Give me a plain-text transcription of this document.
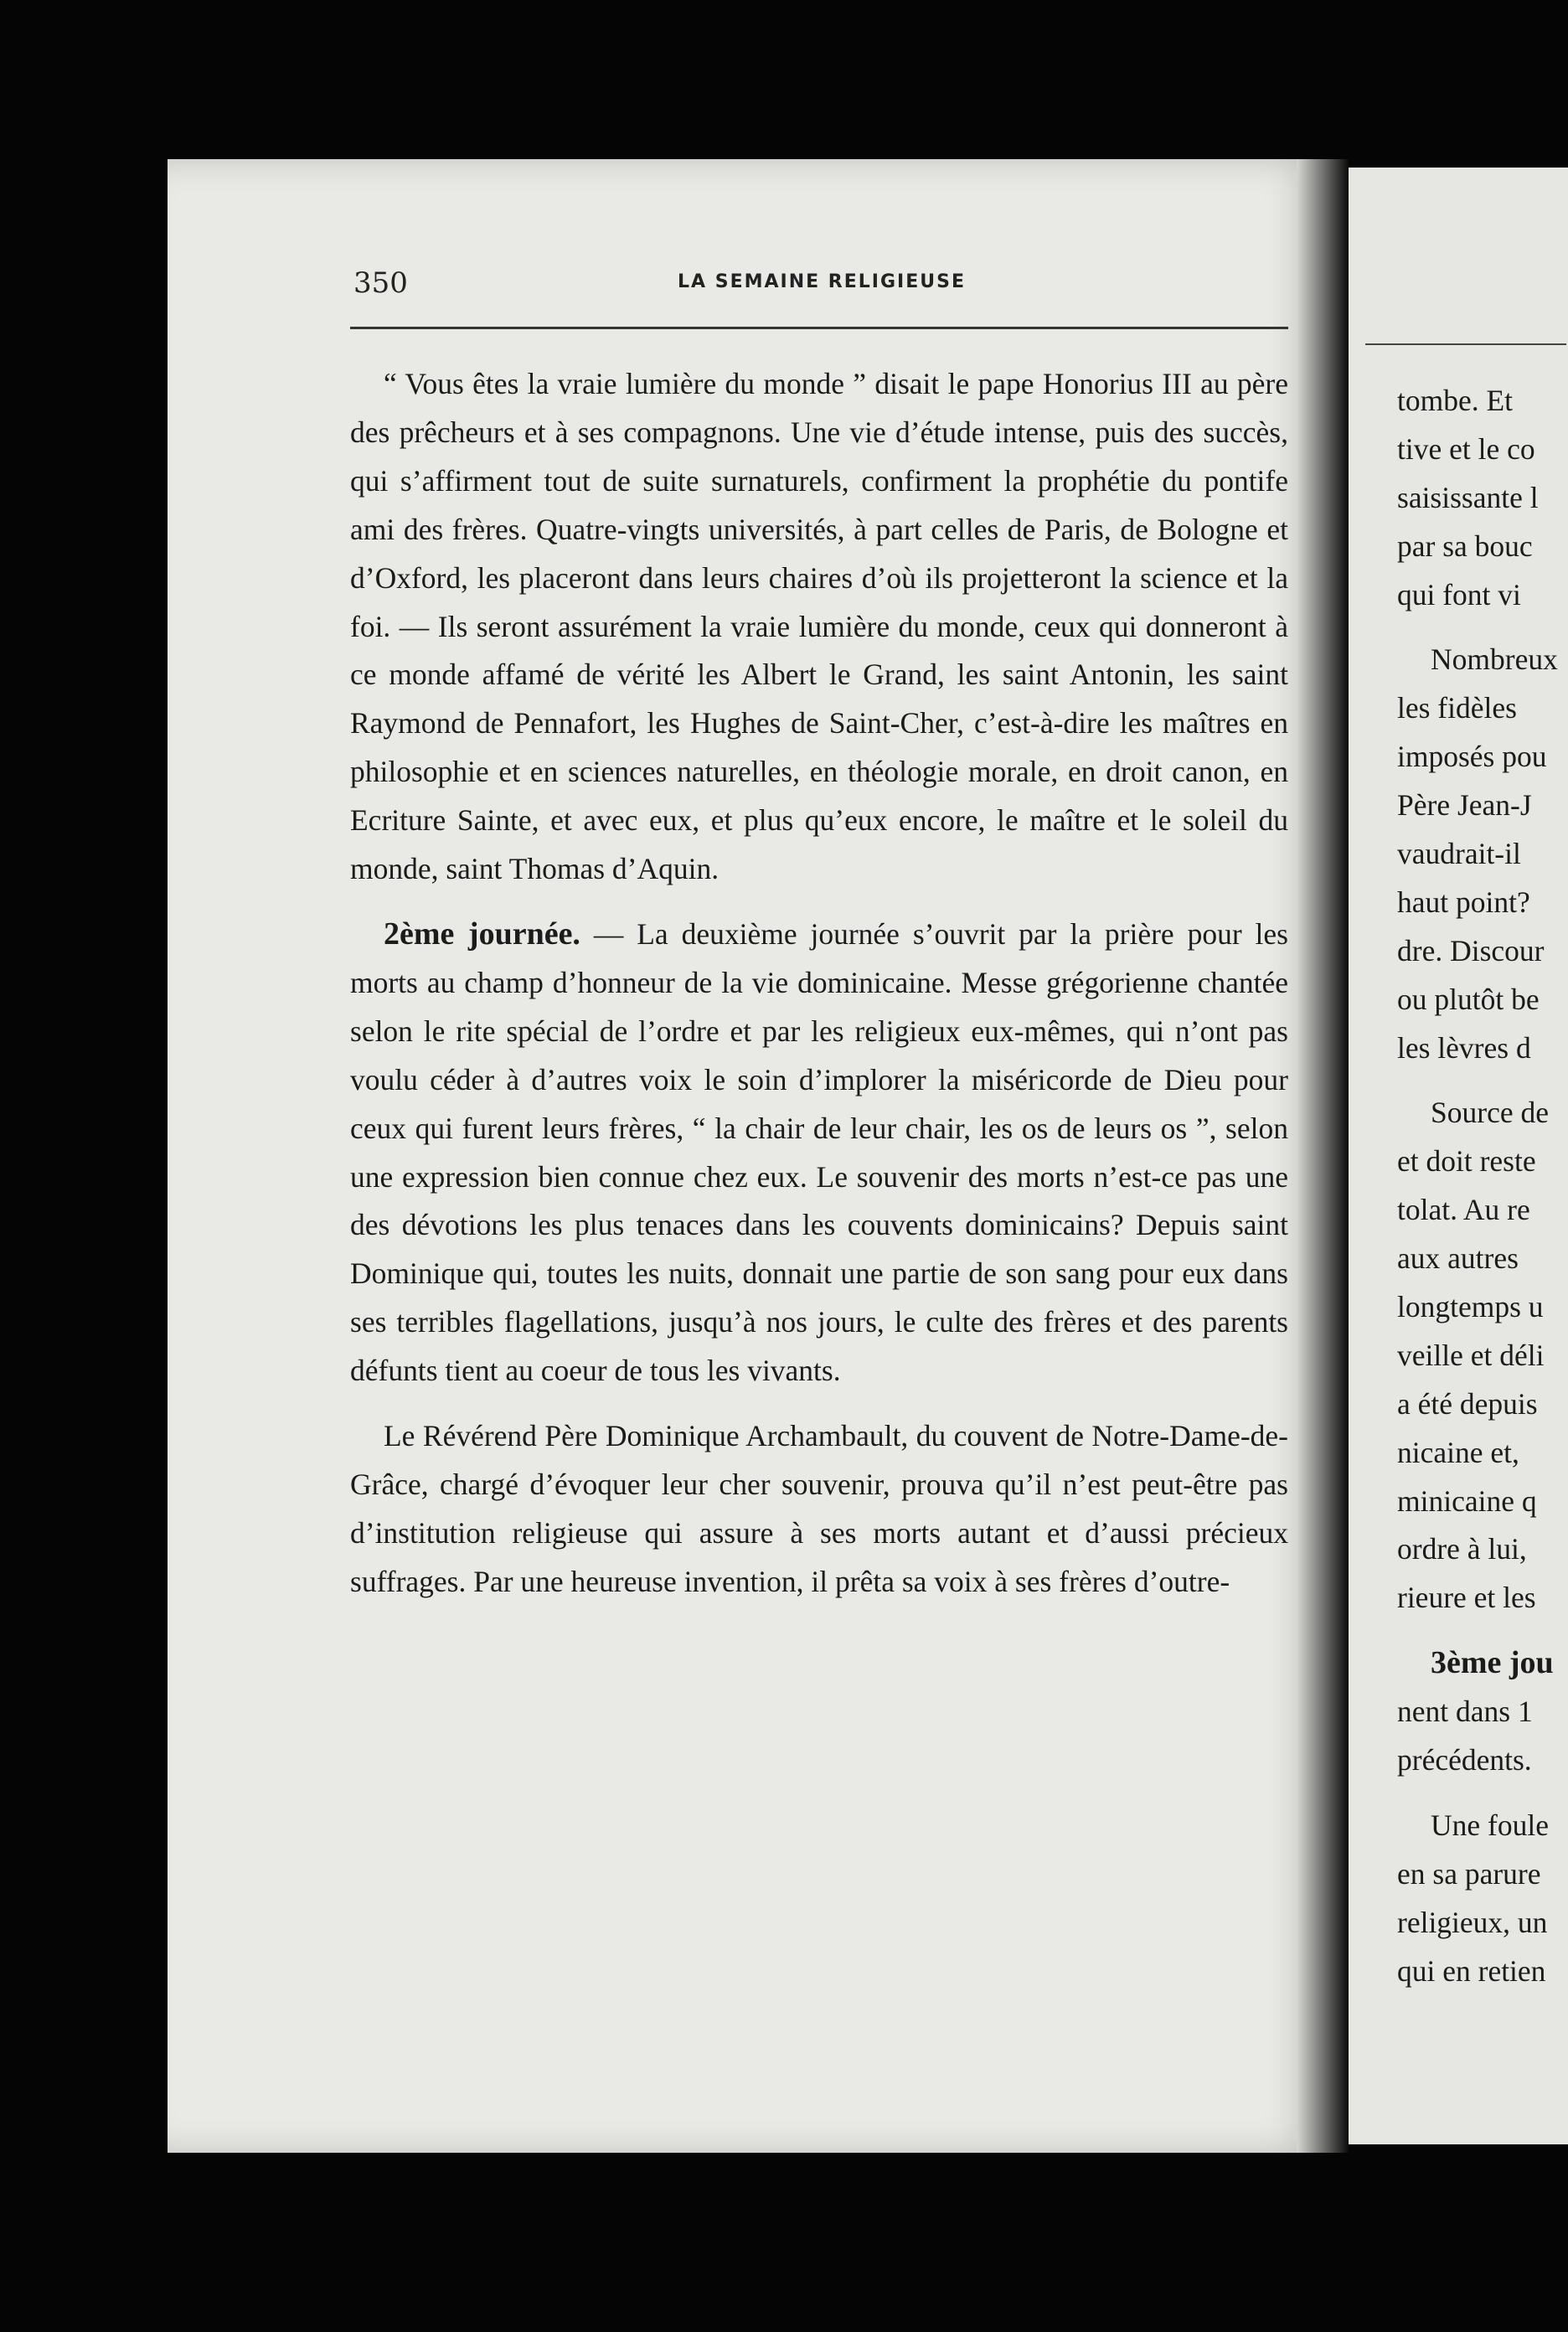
350	LA SEMAINE RELIGIEUSE

“ Vous êtes la vraie lumière du monde ” disait le pape Honorius III au père des prêcheurs et à ses compagnons. Une vie d’étude intense, puis des succès, qui s’affirment tout de suite surnaturels, confirment la prophétie du pontife ami des frères. Quatre-vingts universités, à part celles de Paris, de Bologne et d’Oxford, les placeront dans leurs chaires d’où ils projetteront la science et la foi. — Ils seront assurément la vraie lumière du monde, ceux qui donneront à ce monde affamé de vérité les Albert le Grand, les saint Antonin, les saint Raymond de Pennafort, les Hughes de Saint-Cher, c’est-à-dire les maîtres en philosophie et en sciences naturelles, en théologie morale, en droit canon, en Ecriture Sainte, et avec eux, et plus qu’eux encore, le maître et le soleil du monde, saint Thomas d’Aquin.

2ème journée. — La deuxième journée s’ouvrit par la prière pour les morts au champ d’honneur de la vie dominicaine. Messe grégorienne chantée selon le rite spécial de l’ordre et par les religieux eux-mêmes, qui n’ont pas voulu céder à d’autres voix le soin d’implorer la miséricorde de Dieu pour ceux qui furent leurs frères, “ la chair de leur chair, les os de leurs os ”, selon une expression bien connue chez eux. Le souvenir des morts n’est-ce pas une des dévotions les plus tenaces dans les couvents dominicains? Depuis saint Dominique qui, toutes les nuits, donnait une partie de son sang pour eux dans ses terribles flagellations, jusqu’à nos jours, le culte des frères et des parents défunts tient au coeur de tous les vivants.

Le Révérend Père Dominique Archambault, du couvent de Notre-Dame-de-Grâce, chargé d’évoquer leur cher souvenir, prouva qu’il n’est peut-être pas d’institution religieuse qui assure à ses morts autant et d’aussi précieux suffrages. Par une heureuse invention, il prêta sa voix à ses frères d’outre-

tombe. Et
tive et le co
saisissante l
par sa bouc
qui font vi
Nombreux
les fidèles
imposés pou
Père Jean-J
vaudrait-il
haut point?
dre. Discour
ou plutôt be
les lèvres d
Source de
et doit reste
tolat. Au re
aux autres
longtemps u
veille et déli
a été depuis
nicaine et,
minicaine q
ordre à lui,
rieure et les
3ème jou
nent dans 1
précédents.
Une foule
en sa parure
religieux, un
qui en retien
